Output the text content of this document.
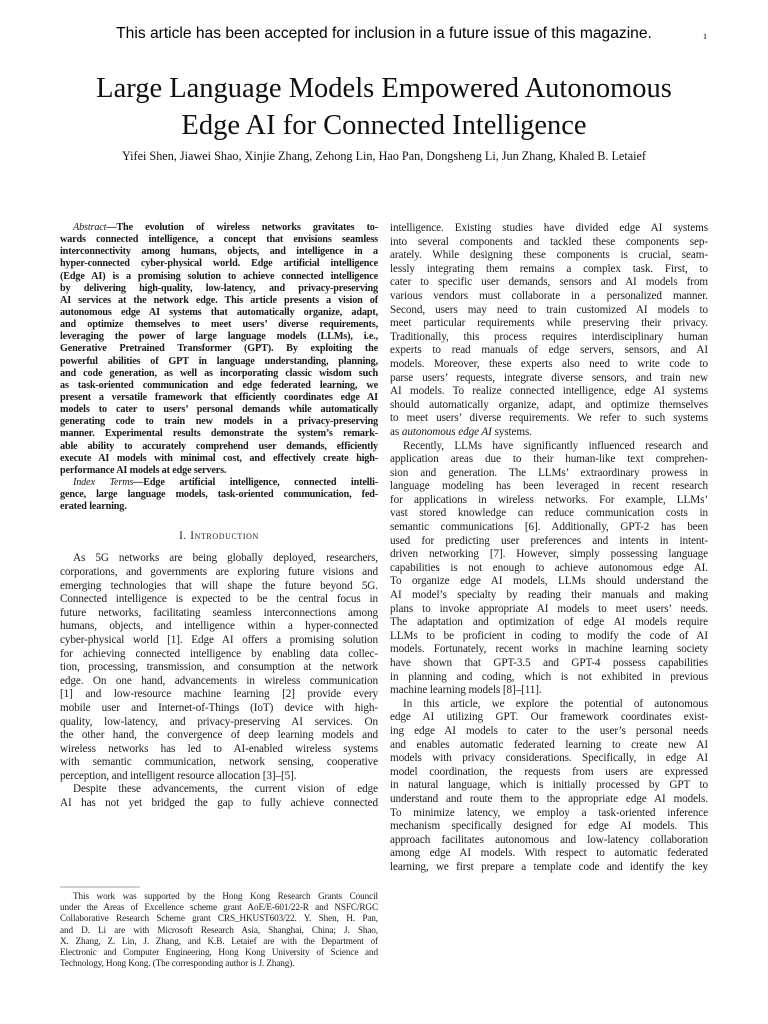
This article has been accepted for inclusion in a future issue of this magazine.	1
Large Language Models Empowered Autonomous
Edge AI for Connected Intelligence
Yifei Shen, Jiawei Shao, Xinjie Zhang, Zehong Lin, Hao Pan, Dongsheng Li, Jun Zhang, Khaled B. Letaief
Abstract—The evolution of wireless networks gravitates to-
wards connected intelligence, a concept that envisions seamless
interconnectivity among humans, objects, and intelligence in a
hyper-connected cyber-physical world. Edge artificial intelligence
(Edge AI) is a promising solution to achieve connected intelligence
by delivering high-quality, low-latency, and privacy-preserving
AI services at the network edge. This article presents a vision of
autonomous edge AI systems that automatically organize, adapt,
and optimize themselves to meet users’ diverse requirements,
leveraging the power of large language models (LLMs), i.e.,
Generative Pretrained Transformer (GPT). By exploiting the
powerful abilities of GPT in language understanding, planning,
and code generation, as well as incorporating classic wisdom such
as task-oriented communication and edge federated learning, we
present a versatile framework that efficiently coordinates edge AI
models to cater to users’ personal demands while automatically
generating code to train new models in a privacy-preserving
manner. Experimental results demonstrate the system’s remark-
able ability to accurately comprehend user demands, efficiently
execute AI models with minimal cost, and effectively create high-
performance AI models at edge servers.
Index Terms—Edge artificial intelligence, connected intelli-
gence, large language models, task-oriented communication, fed-
erated learning.
I. Introduction
As 5G networks are being globally deployed, researchers,
corporations, and governments are exploring future visions and
emerging technologies that will shape the future beyond 5G.
Connected intelligence is expected to be the central focus in
future networks, facilitating seamless interconnections among
humans, objects, and intelligence within a hyper-connected
cyber-physical world [1]. Edge AI offers a promising solution
for achieving connected intelligence by enabling data collec-
tion, processing, transmission, and consumption at the network
edge. On one hand, advancements in wireless communication
[1] and low-resource machine learning [2] provide every
mobile user and Internet-of-Things (IoT) device with high-
quality, low-latency, and privacy-preserving AI services. On
the other hand, the convergence of deep learning models and
wireless networks has led to AI-enabled wireless systems
with semantic communication, network sensing, cooperative
perception, and intelligent resource allocation [3]–[5].
Despite these advancements, the current vision of edge
AI has not yet bridged the gap to fully achieve connected
This work was supported by the Hong Kong Research Grants Council
under the Areas of Excellence scheme grant AoE/E-601/22-R and NSFC/RGC
Collaborative Research Scheme grant CRS_HKUST603/22. Y. Shen, H. Pan,
and D. Li are with Microsoft Research Asia, Shanghai, China; J. Shao,
X. Zhang, Z. Lin, J. Zhang, and K.B. Letaief are with the Department of
Electronic and Computer Engineering, Hong Kong University of Science and
Technology, Hong Kong. (The corresponding author is J. Zhang).
intelligence. Existing studies have divided edge AI systems
into several components and tackled these components sep-
arately. While designing these components is crucial, seam-
lessly integrating them remains a complex task. First, to
cater to specific user demands, sensors and AI models from
various vendors must collaborate in a personalized manner.
Second, users may need to train customized AI models to
meet particular requirements while preserving their privacy.
Traditionally, this process requires interdisciplinary human
experts to read manuals of edge servers, sensors, and AI
models. Moreover, these experts also need to write code to
parse users’ requests, integrate diverse sensors, and train new
AI models. To realize connected intelligence, edge AI systems
should automatically organize, adapt, and optimize themselves
to meet users’ diverse requirements. We refer to such systems
as autonomous edge AI systems.
Recently, LLMs have significantly influenced research and
application areas due to their human-like text comprehen-
sion and generation. The LLMs’ extraordinary prowess in
language modeling has been leveraged in recent research
for applications in wireless networks. For example, LLMs’
vast stored knowledge can reduce communication costs in
semantic communications [6]. Additionally, GPT-2 has been
used for predicting user preferences and intents in intent-
driven networking [7]. However, simply possessing language
capabilities is not enough to achieve autonomous edge AI.
To organize edge AI models, LLMs should understand the
AI model’s specialty by reading their manuals and making
plans to invoke appropriate AI models to meet users’ needs.
The adaptation and optimization of edge AI models require
LLMs to be proficient in coding to modify the code of AI
models. Fortunately, recent works in machine learning society
have shown that GPT-3.5 and GPT-4 possess capabilities
in planning and coding, which is not exhibited in previous
machine learning models [8]–[11].
In this article, we explore the potential of autonomous
edge AI utilizing GPT. Our framework coordinates exist-
ing edge AI models to cater to the user’s personal needs
and enables automatic federated learning to create new AI
models with privacy considerations. Specifically, in edge AI
model coordination, the requests from users are expressed
in natural language, which is initially processed by GPT to
understand and route them to the appropriate edge AI models.
To minimize latency, we employ a task-oriented inference
mechanism specifically designed for edge AI models. This
approach facilitates autonomous and low-latency collaboration
among edge AI models. With respect to automatic federated
learning, we first prepare a template code and identify the key
